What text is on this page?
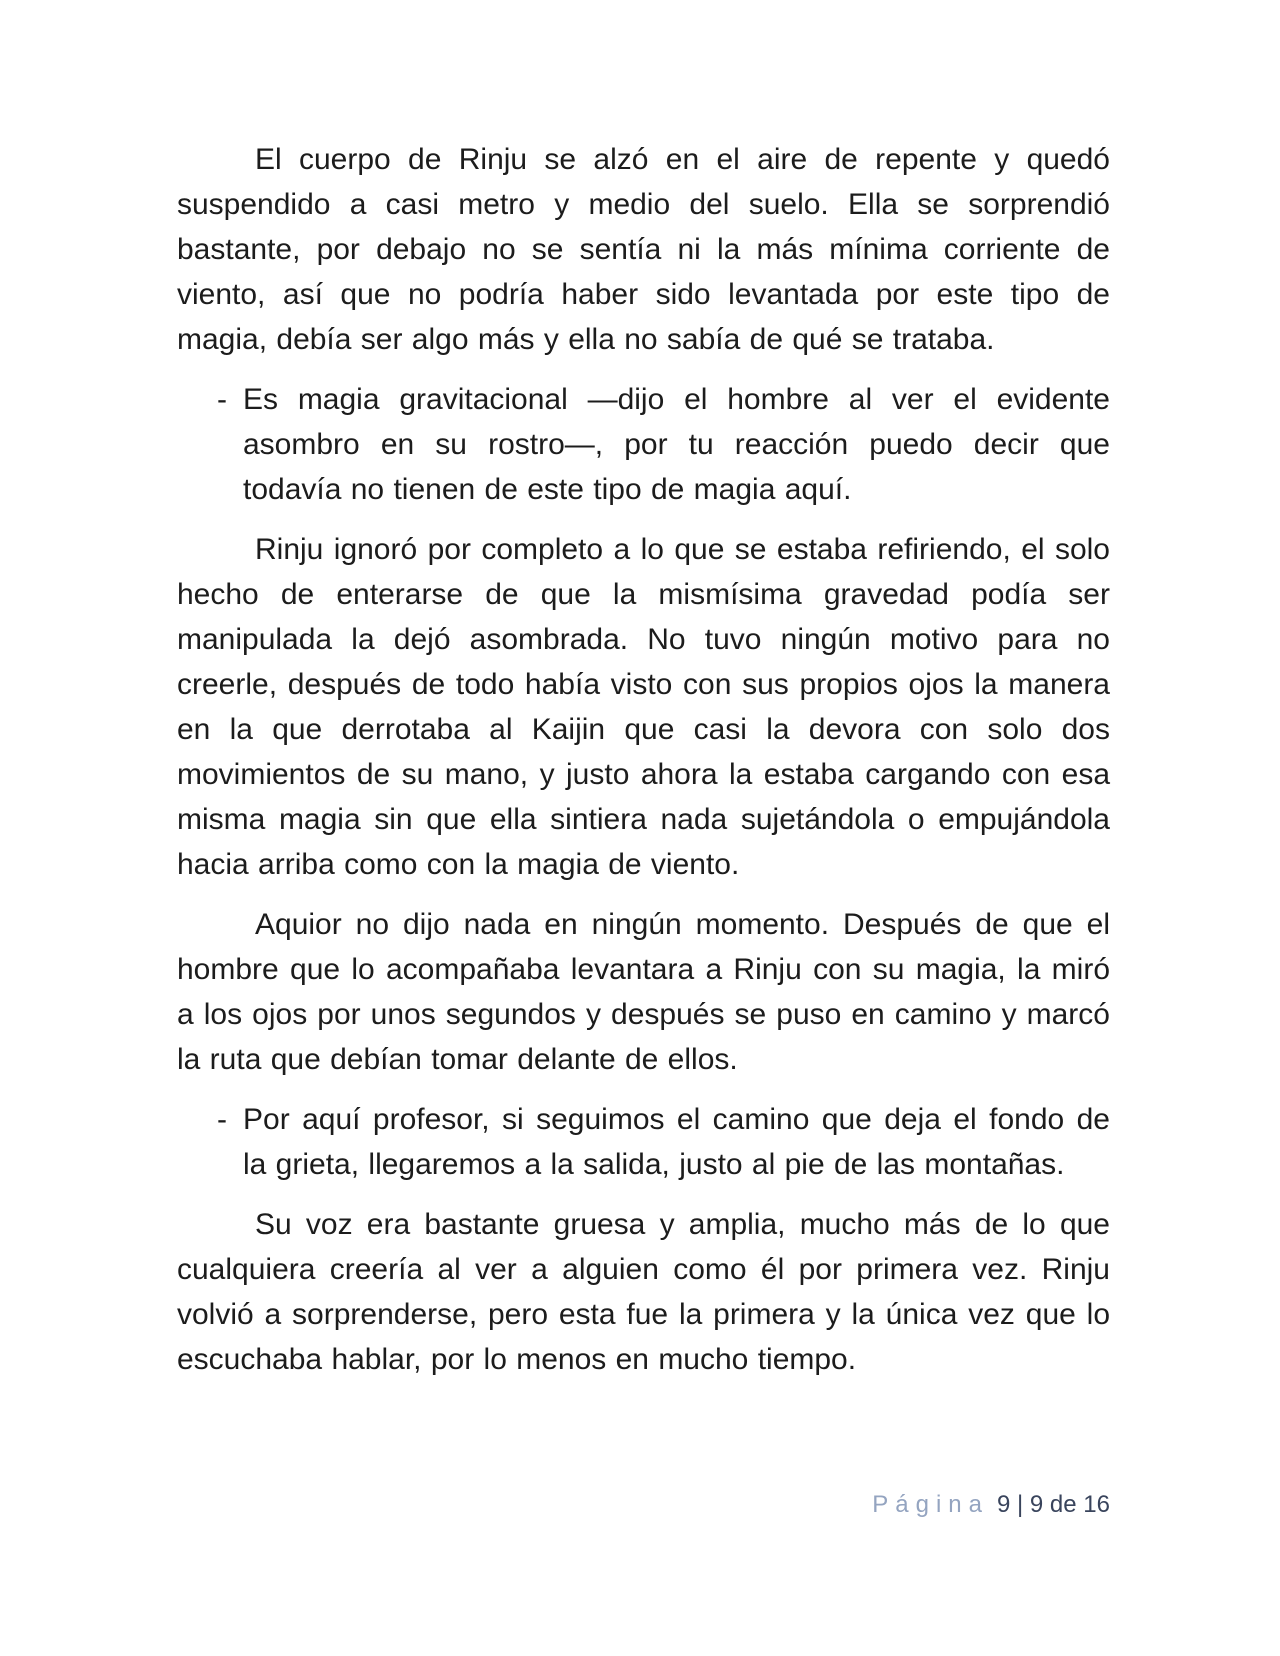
El cuerpo de Rinju se alzó en el aire de repente y quedó
suspendido a casi metro y medio del suelo. Ella se sorprendió
bastante, por debajo no se sentía ni la más mínima corriente de
viento, así que no podría haber sido levantada por este tipo de
magia, debía ser algo más y ella no sabía de qué se trataba.
- Es magia gravitacional —dijo el hombre al ver el evidente
asombro en su rostro—, por tu reacción puedo decir que
todavía no tienen de este tipo de magia aquí.
Rinju ignoró por completo a lo que se estaba refiriendo, el solo
hecho de enterarse de que la mismísima gravedad podía ser
manipulada la dejó asombrada. No tuvo ningún motivo para no
creerle, después de todo había visto con sus propios ojos la manera
en la que derrotaba al Kaijin que casi la devora con solo dos
movimientos de su mano, y justo ahora la estaba cargando con esa
misma magia sin que ella sintiera nada sujetándola o empujándola
hacia arriba como con la magia de viento.
Aquior no dijo nada en ningún momento. Después de que el
hombre que lo acompañaba levantara a Rinju con su magia, la miró
a los ojos por unos segundos y después se puso en camino y marcó
la ruta que debían tomar delante de ellos.
- Por aquí profesor, si seguimos el camino que deja el fondo de
la grieta, llegaremos a la salida, justo al pie de las montañas.
Su voz era bastante gruesa y amplia, mucho más de lo que
cualquiera creería al ver a alguien como él por primera vez. Rinju
volvió a sorprenderse, pero esta fue la primera y la única vez que lo
escuchaba hablar, por lo menos en mucho tiempo.
Página 9 | 9 de 16
